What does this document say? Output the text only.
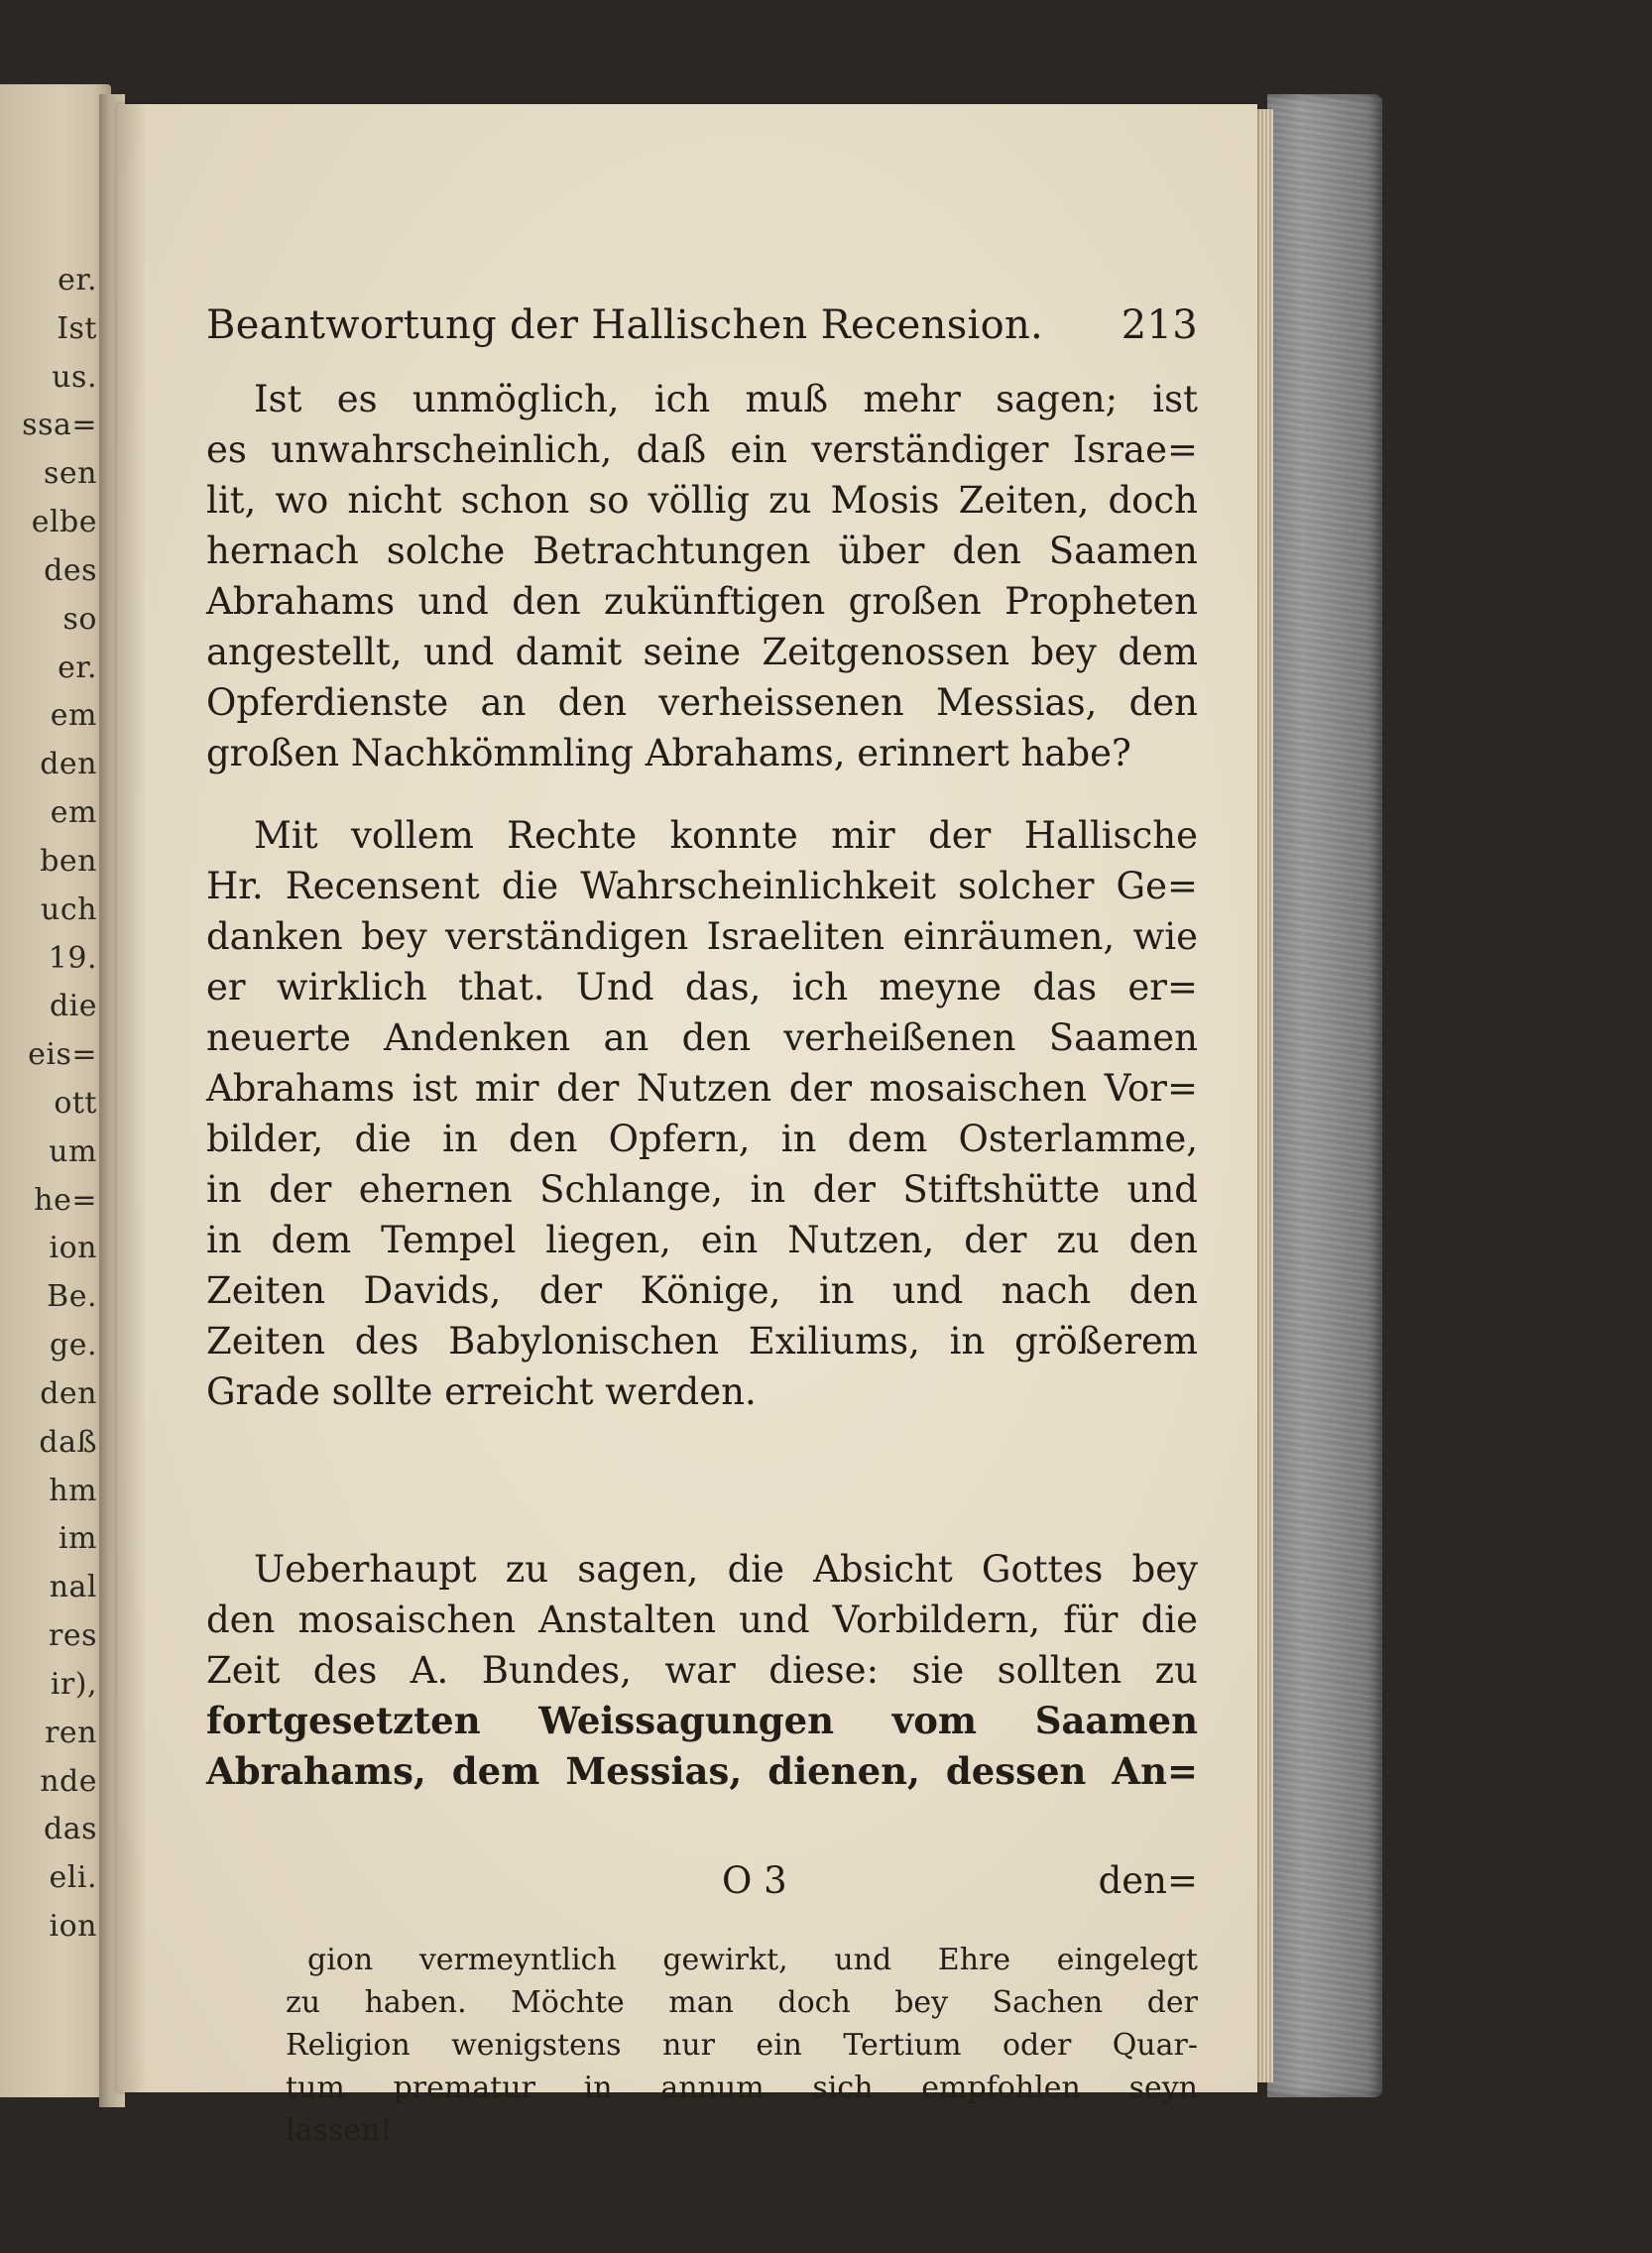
er.
Ist
us.
ssa=
sen
elbe
des
so
er.
em
den
em
ben
uch
19.
die
eis=
ott
um
he=
ion
Be.
ge.
den
daß
hm
im
nal
res
ir),
ren
nde
das
eli.
ion
Beantwortung der Hallischen Recension. 213
Ist es unmöglich, ich muß mehr sagen; ist
es unwahrscheinlich, daß ein verständiger Israe=
lit, wo nicht schon so völlig zu Mosis Zeiten, doch
hernach solche Betrachtungen über den Saamen
Abrahams und den zukünftigen großen Propheten
angestellt, und damit seine Zeitgenossen bey dem
Opferdienste an den verheissenen Messias, den
großen Nachkömmling Abrahams, erinnert habe?
Mit vollem Rechte konnte mir der Hallische
Hr. Recensent die Wahrscheinlichkeit solcher Ge=
danken bey verständigen Israeliten einräumen, wie
er wirklich that. Und das, ich meyne das er=
neuerte Andenken an den verheißenen Saamen
Abrahams ist mir der Nutzen der mosaischen Vor=
bilder, die in den Opfern, in dem Osterlamme,
in der ehernen Schlange, in der Stiftshütte und
in dem Tempel liegen, ein Nutzen, der zu den
Zeiten Davids, der Könige, in und nach den
Zeiten des Babylonischen Exiliums, in größerem
Grade sollte erreicht werden.
Ueberhaupt zu sagen, die Absicht Gottes bey
den mosaischen Anstalten und Vorbildern, für die
Zeit des A. Bundes, war diese: sie sollten zu
fortgesetzten Weissagungen vom Saamen
Abrahams, dem Messias, dienen, dessen An=
O 3	den=
gion vermeyntlich gewirkt, und Ehre eingelegt
zu haben. Möchte man doch bey Sachen der
Religion wenigstens nur ein Tertium oder Quar-
tum prematur in annum sich empfohlen seyn
lassen!
